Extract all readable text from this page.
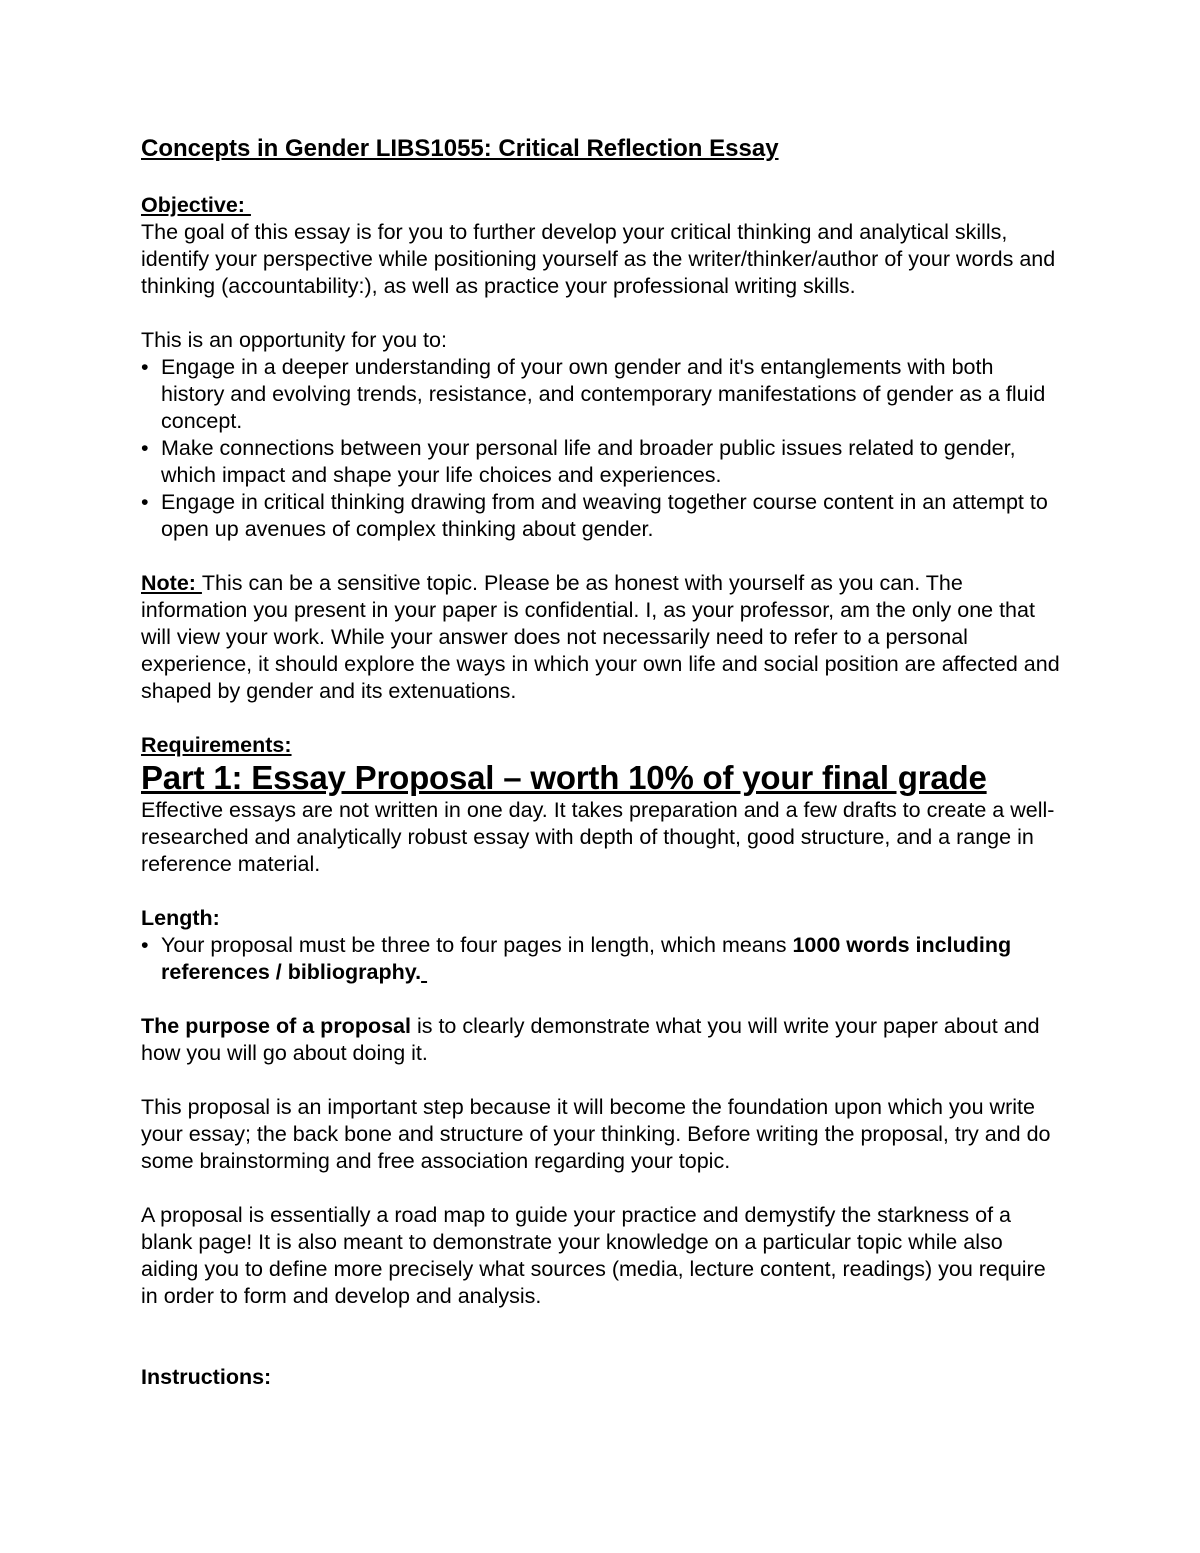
Concepts in Gender LIBS1055: Critical Reflection Essay

Objective:

The goal of this essay is for you to further develop your critical thinking and analytical skills, identify your perspective while positioning yourself as the writer/thinker/author of your words and thinking (accountability:), as well as practice your professional writing skills.

This is an opportunity for you to:

• Engage in a deeper understanding of your own gender and it's entanglements with both history and evolving trends, resistance, and contemporary manifestations of gender as a fluid concept.
• Make connections between your personal life and broader public issues related to gender, which impact and shape your life choices and experiences.
• Engage in critical thinking drawing from and weaving together course content in an attempt to open up avenues of complex thinking about gender.

Note: This can be a sensitive topic. Please be as honest with yourself as you can. The information you present in your paper is confidential. I, as your professor, am the only one that will view your work. While your answer does not necessarily need to refer to a personal experience, it should explore the ways in which your own life and social position are affected and shaped by gender and its extenuations.

Requirements:

Part 1: Essay Proposal – worth 10% of your final grade

Effective essays are not written in one day. It takes preparation and a few drafts to create a well-researched and analytically robust essay with depth of thought, good structure, and a range in reference material.

Length:

• Your proposal must be three to four pages in length, which means 1000 words including references / bibliography.

The purpose of a proposal is to clearly demonstrate what you will write your paper about and how you will go about doing it.

This proposal is an important step because it will become the foundation upon which you write your essay; the back bone and structure of your thinking. Before writing the proposal, try and do some brainstorming and free association regarding your topic.

A proposal is essentially a road map to guide your practice and demystify the starkness of a blank page! It is also meant to demonstrate your knowledge on a particular topic while also aiding you to define more precisely what sources (media, lecture content, readings) you require in order to form and develop and analysis.

Instructions:
